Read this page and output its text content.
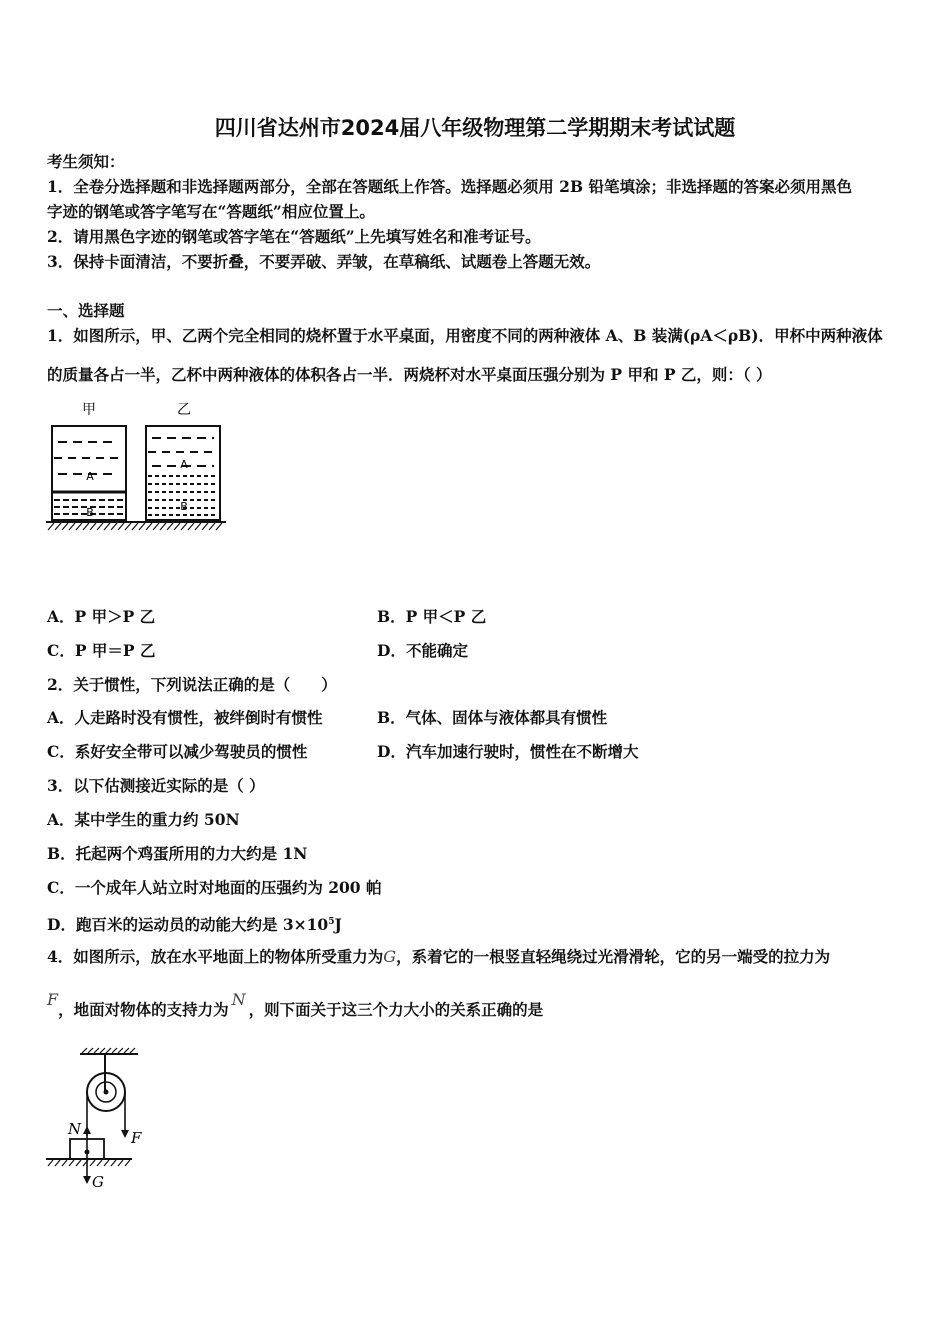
四川省达州市2024届八年级物理第二学期期末考试试题
考生须知：
1．全卷分选择题和非选择题两部分，全部在答题纸上作答。选择题必须用 2B 铅笔填涂；非选择题的答案必须用黑色
字迹的钢笔或答字笔写在“答题纸”相应位置上。
2．请用黑色字迹的钢笔或答字笔在“答题纸”上先填写姓名和准考证号。
3．保持卡面清洁，不要折叠，不要弄破、弄皱，在草稿纸、试题卷上答题无效。
一、选择题
1．如图所示，甲、乙两个完全相同的烧杯置于水平桌面，用密度不同的两种液体 A、B 装满(ρA＜ρB)．甲杯中两种液体
的质量各占一半，乙杯中两种液体的体积各占一半．两烧杯对水平桌面压强分别为 P 甲和 P 乙，则：（ ）
甲	乙
A
B
A
B
A．P 甲＞P 乙	B．P 甲＜P 乙
C．P 甲＝P 乙	D．不能确定
2．关于惯性，下列说法正确的是（　　）
A．人走路时没有惯性，被绊倒时有惯性	B．气体、固体与液体都具有惯性
C．系好安全带可以减少驾驶员的惯性	D．汽车加速行驶时，惯性在不断增大
3．以下估测接近实际的是（ ）
A．某中学生的重力约 50N
B．托起两个鸡蛋所用的力大约是 1N
C．一个成年人站立时对地面的压强约为 200 帕
D．跑百米的运动员的动能大约是 $3\times 10^5J$
4．如图所示，放在水平地面上的物体所受重力为G，系着它的一根竖直轻绳绕过光滑滑轮，它的另一端受的拉力为
F，地面对物体的支持力为N，则下面关于这三个力大小的关系正确的是
F
N
G
